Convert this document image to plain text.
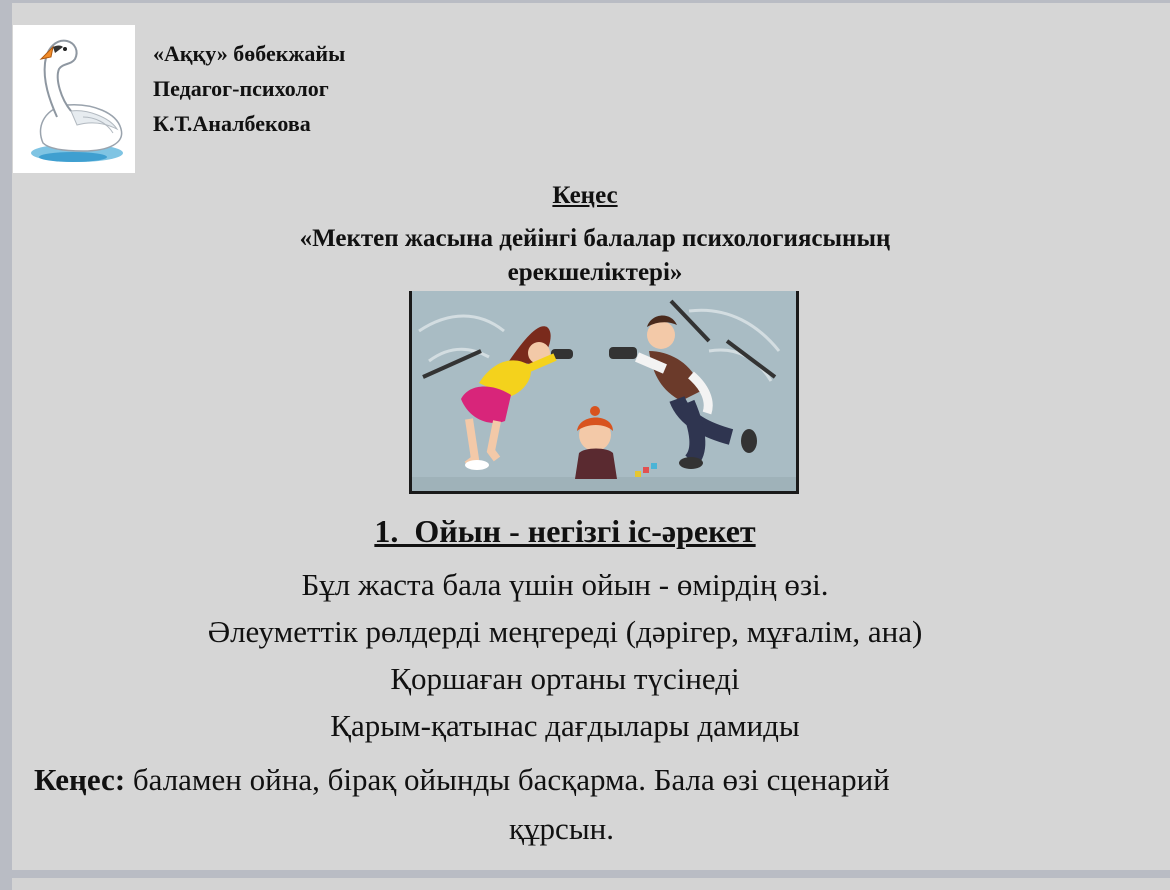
«Аққу» бөбекжайы
Педагог-психолог
К.Т.Аналбекова
Кеңес
«Мектеп жасына дейінгі балалар психологиясының
ерекшеліктері»
1.  Ойын - негізгі іс-әрекет
Бұл жаста бала үшін ойын - өмірдің өзі.
Әлеуметтік рөлдерді меңгереді (дәрігер, мұғалім, ана)
Қоршаған ортаны түсінеді
Қарым-қатынас дағдылары дамиды
Кеңес: баламен ойна, бірақ ойынды басқарма. Бала өзі сценарий
құрсын.
